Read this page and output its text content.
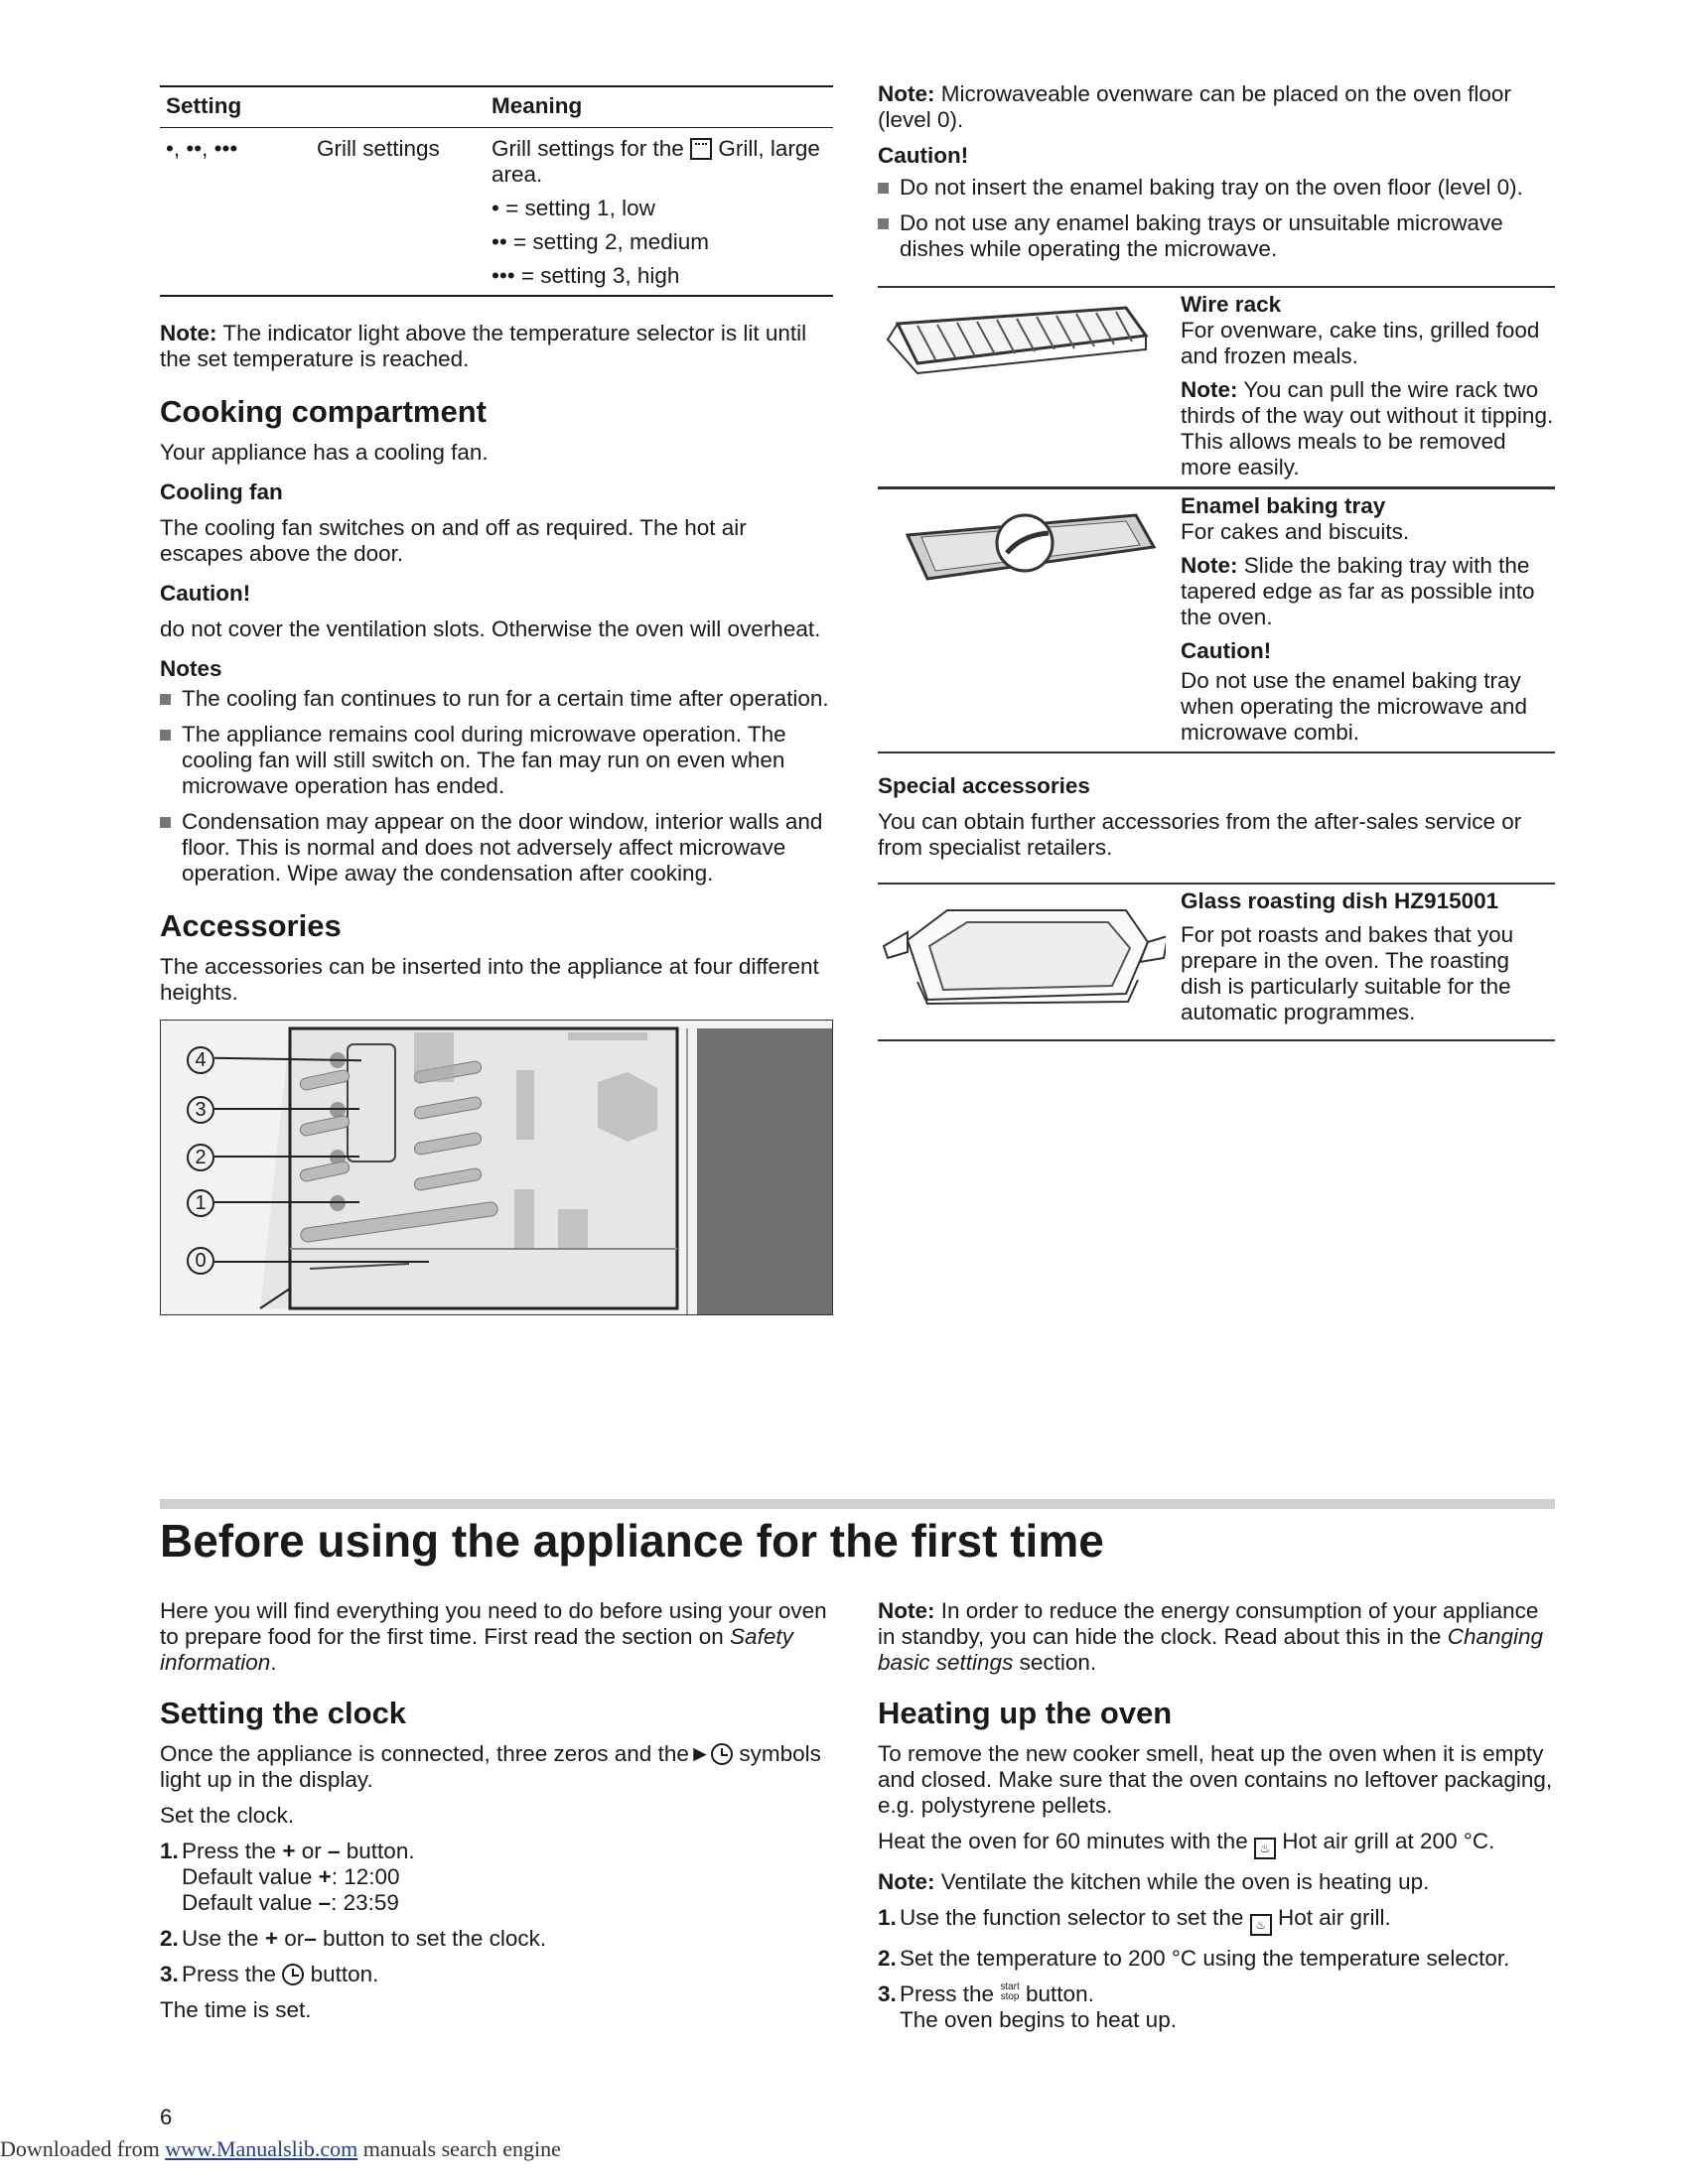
Setting		Meaning
•, ••, •••	Grill settings	Grill settings for the Grill, large area.
		• = setting 1, low
		•• = setting 2, medium
		••• = setting 3, high

Note: The indicator light above the temperature selector is lit until the set temperature is reached.

Cooking compartment

Your appliance has a cooling fan.

Cooling fan

The cooling fan switches on and off as required. The hot air escapes above the door.

Caution!

do not cover the ventilation slots. Otherwise the oven will overheat.

Notes
The cooling fan continues to run for a certain time after operation.
The appliance remains cool during microwave operation. The cooling fan will still switch on. The fan may run on even when microwave operation has ended.
Condensation may appear on the door window, interior walls and floor. This is normal and does not adversely affect microwave operation. Wipe away the condensation after cooking.
Accessories

The accessories can be inserted into the appliance at four different heights.

4
3
2
1
0

Note: Microwaveable ovenware can be placed on the oven floor (level 0).

Caution!
Do not insert the enamel baking tray on the oven floor (level 0).
Do not use any enamel baking trays or unsuitable microwave dishes while operating the microwave.
Wire rack

For ovenware, cake tins, grilled food and frozen meals.

Note: You can pull the wire rack two thirds of the way out without it tipping. This allows meals to be removed more easily.

Enamel baking tray

For cakes and biscuits.

Note: Slide the baking tray with the tapered edge as far as possible into the oven.

Caution!

Do not use the enamel baking tray when operating the microwave and microwave combi.

Special accessories

You can obtain further accessories from the after-sales service or from specialist retailers.

Glass roasting dish HZ915001

For pot roasts and bakes that you prepare in the oven. The roasting dish is particularly suitable for the automatic programmes.

Before using the appliance for the first time

Here you will find everything you need to do before using your oven to prepare food for the first time. First read the section on Safety information.

Setting the clock

Once the appliance is connected, three zeros and the► symbols light up in the display.

Set the clock.

1. Press the + or – button.
Default value +: 12:00
Default value –: 23:59
2. Use the + or– button to set the clock.
3. Press the button.

The time is set.

Note: In order to reduce the energy consumption of your appliance in standby, you can hide the clock. Read about this in the Changing basic settings section.

Heating up the oven

To remove the new cooker smell, heat up the oven when it is empty and closed. Make sure that the oven contains no leftover packaging, e.g. polystyrene pellets.

Heat the oven for 60 minutes with the ♨ Hot air grill at 200 °C.

Note: Ventilate the kitchen while the oven is heating up.

1. Use the function selector to set the ♨ Hot air grill.
2. Set the temperature to 200 °C using the temperature selector.
3. Press the start
stop button.
The oven begins to heat up.
6
Downloaded from www.Manualslib.com manuals search engine
